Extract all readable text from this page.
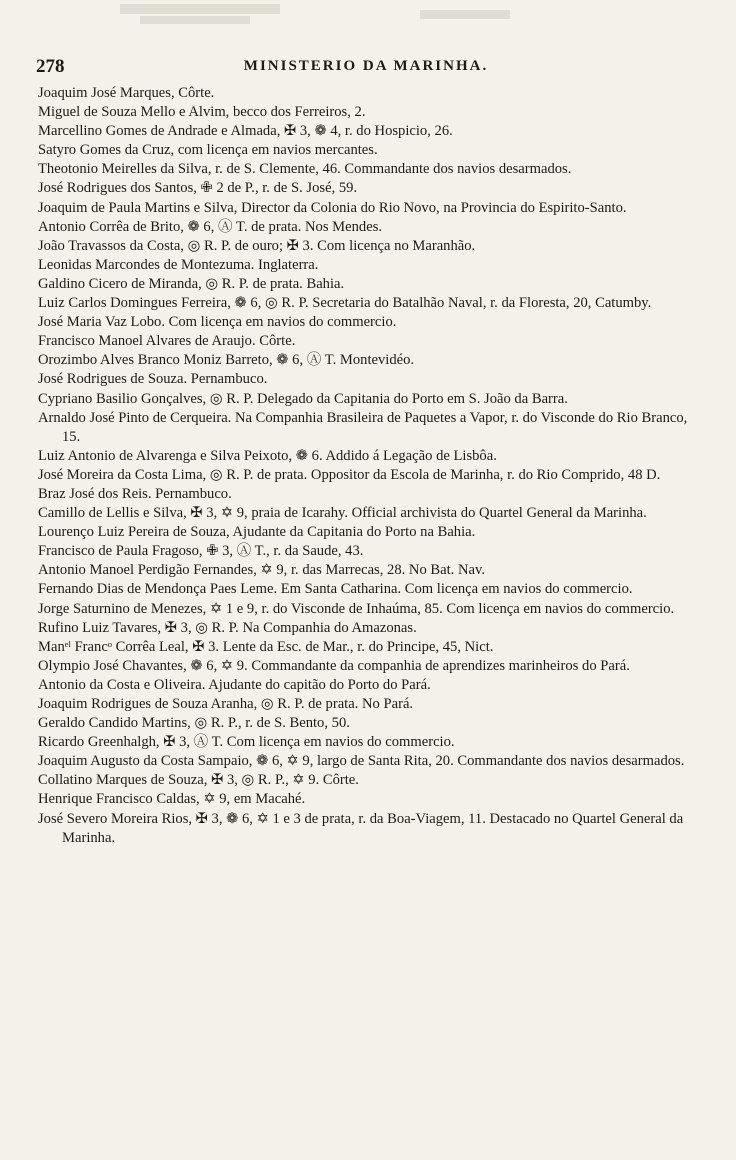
278	MINISTERIO DA MARINHA.
Joaquim José Marques, Côrte.
Miguel de Souza Mello e Alvim, becco dos Ferreiros, 2.
Marcellino Gomes de Andrade e Almada, ✠ 3, ❁ 4, r. do Hospicio, 26.
Satyro Gomes da Cruz, com licença em navios mercantes.
Theotonio Meirelles da Silva, r. de S. Clemente, 46. Commandante dos navios desarmados.
José Rodrigues dos Santos, ✙ 2 de P., r. de S. José, 59.
Joaquim de Paula Martins e Silva, Director da Colonia do Rio Novo, na Provincia do Espirito-Santo.
Antonio Corrêa de Brito, ❁ 6, Ⓐ T. de prata. Nos Mendes.
João Travassos da Costa, ◎ R. P. de ouro; ✠ 3. Com licença no Maranhão.
Leonidas Marcondes de Montezuma. Inglaterra.
Galdino Cicero de Miranda, ◎ R. P. de prata. Bahia.
Luiz Carlos Domingues Ferreira, ❁ 6, ◎ R. P. Secretaria do Batalhão Naval, r. da Floresta, 20, Catumby.
José Maria Vaz Lobo. Com licença em navios do commercio.
Francisco Manoel Alvares de Araujo. Côrte.
Orozimbo Alves Branco Moniz Barreto, ❁ 6, Ⓐ T. Montevidéo.
José Rodrigues de Souza. Pernambuco.
Cypriano Basilio Gonçalves, ◎ R. P. Delegado da Capitania do Porto em S. João da Barra.
Arnaldo José Pinto de Cerqueira. Na Companhia Brasileira de Paquetes a Vapor, r. do Visconde do Rio Branco, 15.
Luiz Antonio de Alvarenga e Silva Peixoto, ❁ 6. Addido á Legação de Lisbôa.
José Moreira da Costa Lima, ◎ R. P. de prata. Oppositor da Escola de Marinha, r. do Rio Comprido, 48 D.
Braz José dos Reis. Pernambuco.
Camillo de Lellis e Silva, ✠ 3, ✡ 9, praia de Icarahy. Official archivista do Quartel General da Marinha.
Lourenço Luiz Pereira de Souza, Ajudante da Capitania do Porto na Bahia.
Francisco de Paula Fragoso, ✙ 3, Ⓐ T., r. da Saude, 43.
Antonio Manoel Perdigão Fernandes, ✡ 9, r. das Marrecas, 28. No Bat. Nav.
Fernando Dias de Mendonça Paes Leme. Em Santa Catharina. Com licença em navios do commercio.
Jorge Saturnino de Menezes, ✡ 1 e 9, r. do Visconde de Inhaúma, 85. Com licença em navios do commercio.
Rufino Luiz Tavares, ✠ 3, ◎ R. P. Na Companhia do Amazonas.
Manᵉˡ Francᵒ Corrêa Leal, ✠ 3. Lente da Esc. de Mar., r. do Principe, 45, Nict.
Olympio José Chavantes, ❁ 6, ✡ 9. Commandante da companhia de aprendizes marinheiros do Pará.
Antonio da Costa e Oliveira. Ajudante do capitão do Porto do Pará.
Joaquim Rodrigues de Souza Aranha, ◎ R. P. de prata. No Pará.
Geraldo Candido Martins, ◎ R. P., r. de S. Bento, 50.
Ricardo Greenhalgh, ✠ 3, Ⓐ T. Com licença em navios do commercio.
Joaquim Augusto da Costa Sampaio, ❁ 6, ✡ 9, largo de Santa Rita, 20. Commandante dos navios desarmados.
Collatino Marques de Souza, ✠ 3, ◎ R. P., ✡ 9. Côrte.
Henrique Francisco Caldas, ✡ 9, em Macahé.
José Severo Moreira Rios, ✠ 3, ❁ 6, ✡ 1 e 3 de prata, r. da Boa-Viagem, 11. Destacado no Quartel General da Marinha.
